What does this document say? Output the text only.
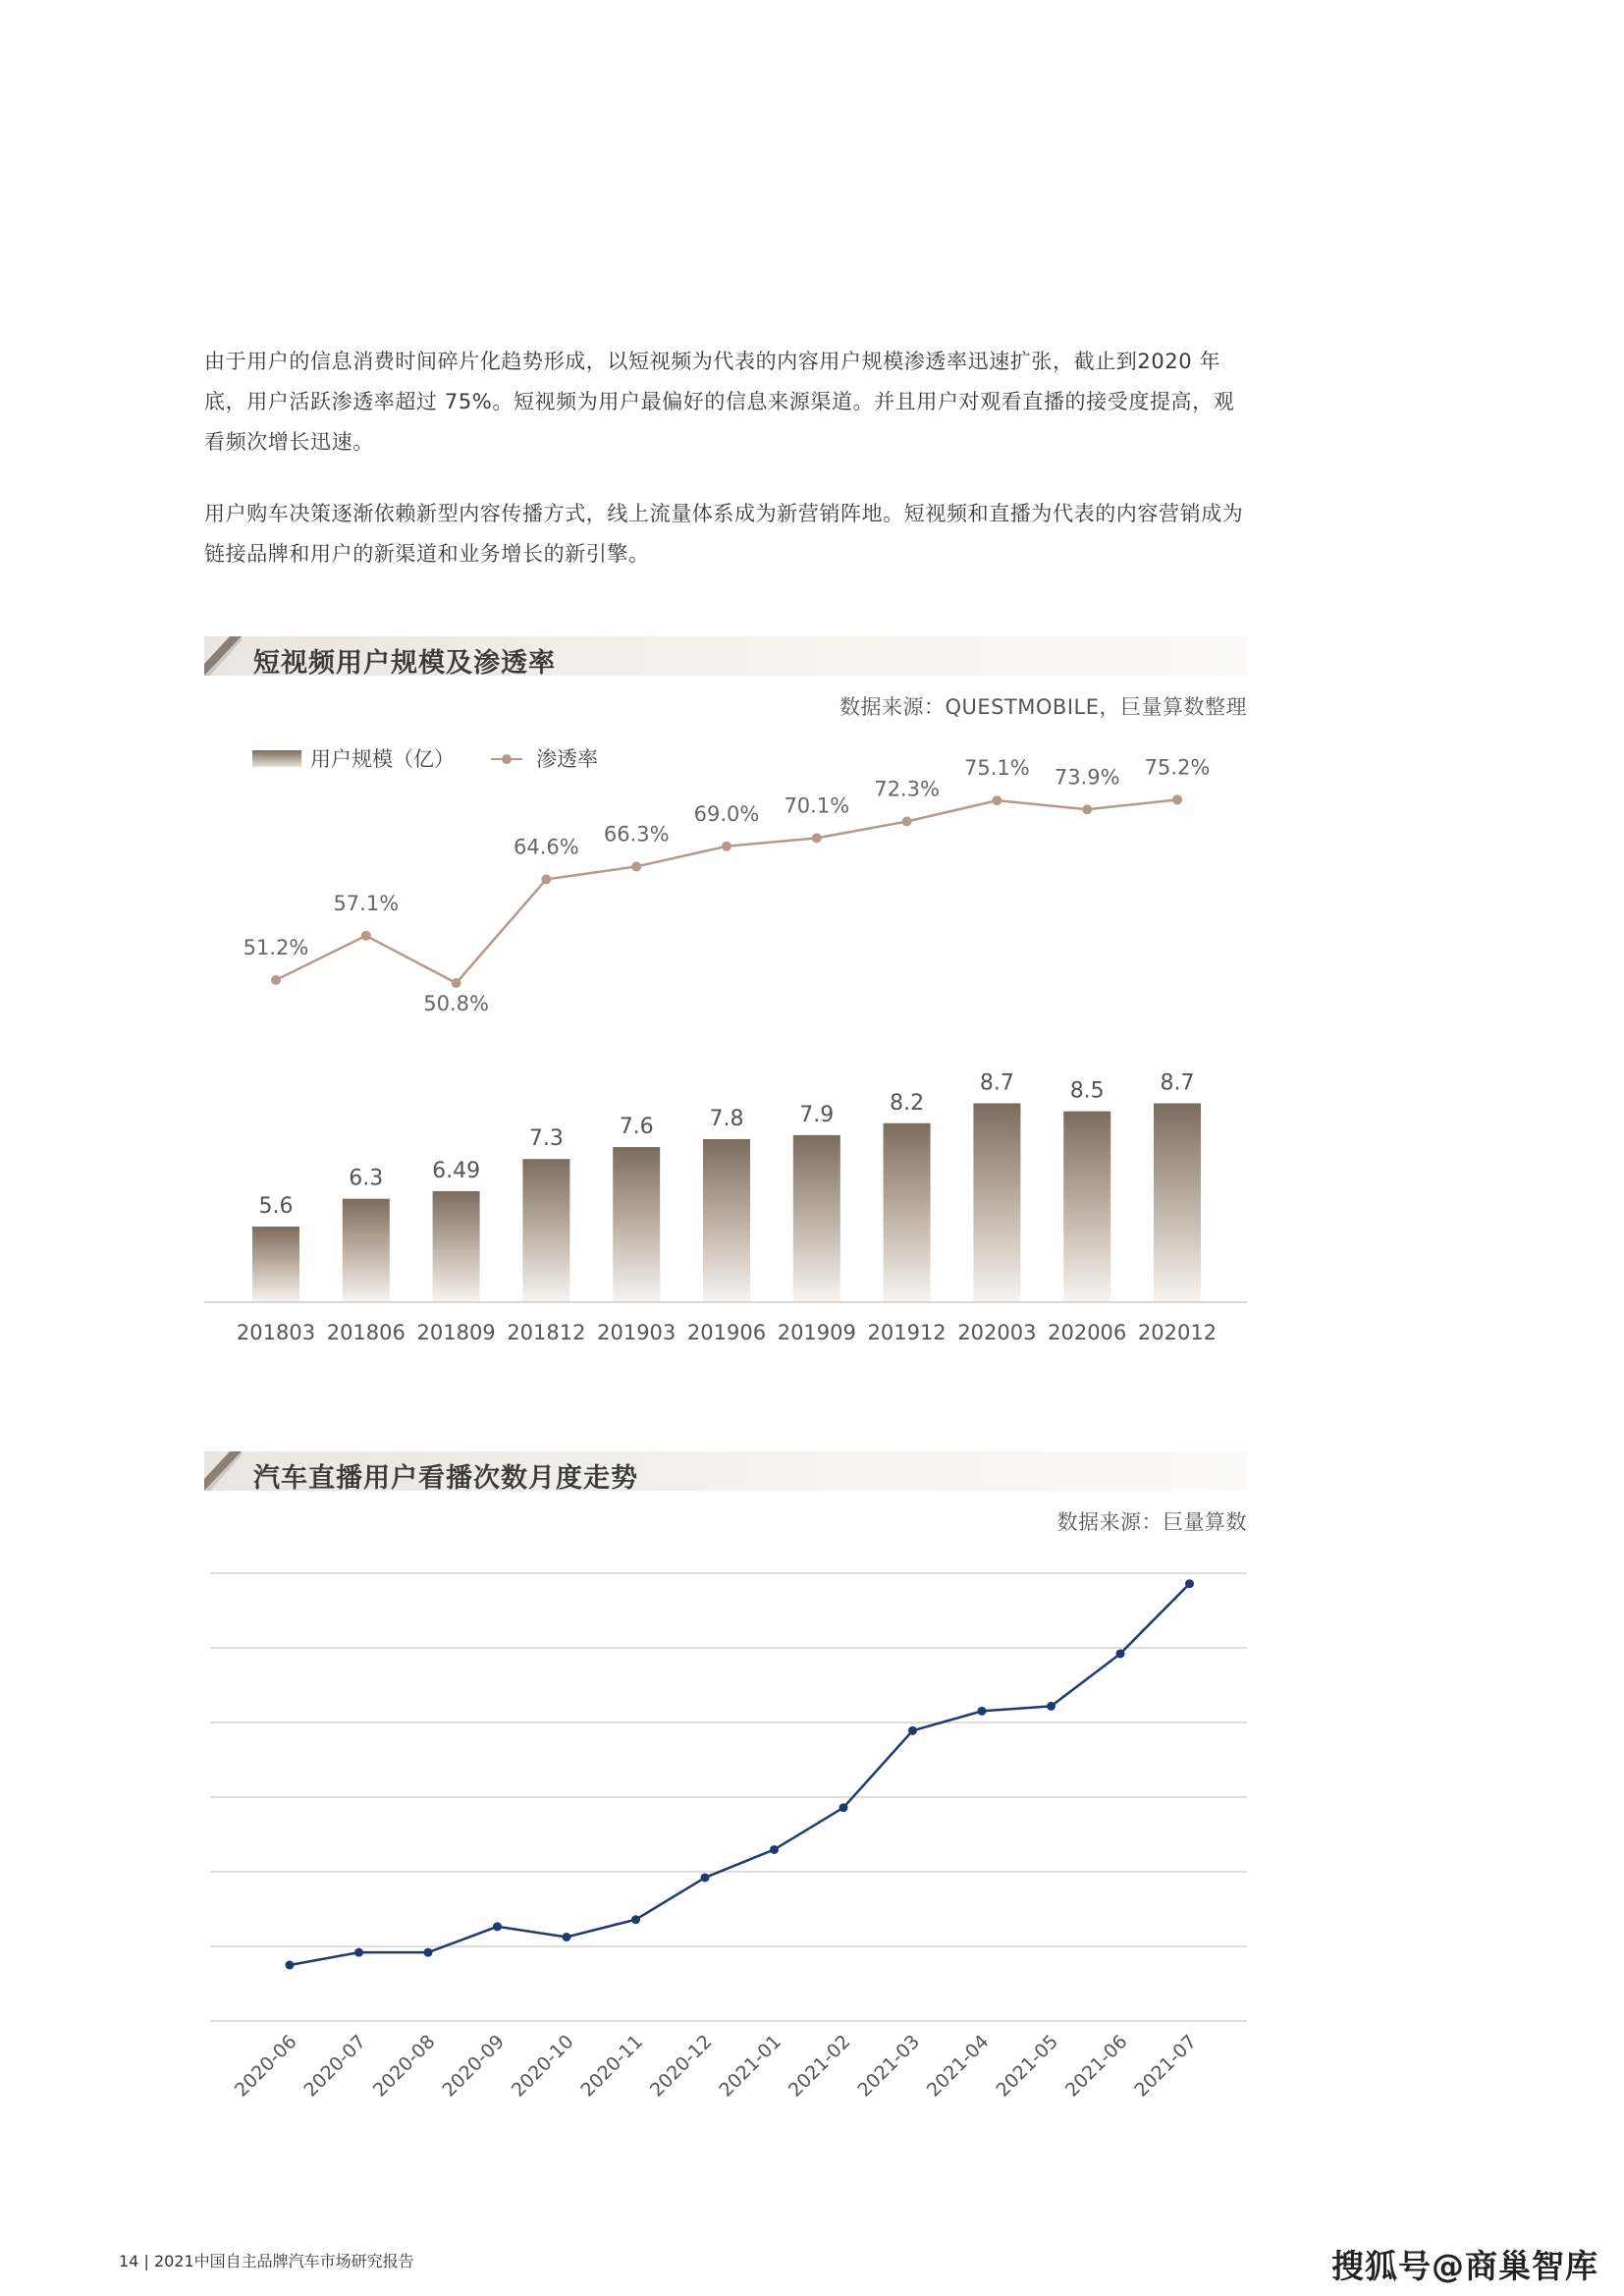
由于用户的信息消费时间碎片化趋势形成，以短视频为代表的内容用户规模渗透率迅速扩张，截止到2020 年底，用户活跃渗透率超过 75%。短视频为用户最偏好的信息来源渠道。并且用户对观看直播的接受度提高，观看频次增长迅速。

用户购车决策逐渐依赖新型内容传播方式，线上流量体系成为新营销阵地。短视频和直播为代表的内容营销成为链接品牌和用户的新渠道和业务增长的新引擎。

短视频用户规模及渗透率
数据来源：QUESTMOBILE，巨量算数整理
用户规模（亿）	渗透率
5.6
6.3 6.49
7.3	7.6	7.8	7.9	8.2
8.7	8.5	8.7
51.2%
57.1%
50.8%
64.6%
66.3%
69.0% 70.1%
72.3%
75.1% 73.9% 75.2%
201803 201806 201809 201812 201903 201906 201909 201912 202003 202006 202012
汽车直播用户看播次数月度走势
数据来源：巨量算数
2020-06
2020-07
2020-08
2020-09
2020-10
2020-11
2020-12
2021-01
2021-02
2021-03
2021-04
2021-05
2021-06
2021-07
14 | 2021中国自主品牌汽车市场研究报告	搜狐号@商巢智库
